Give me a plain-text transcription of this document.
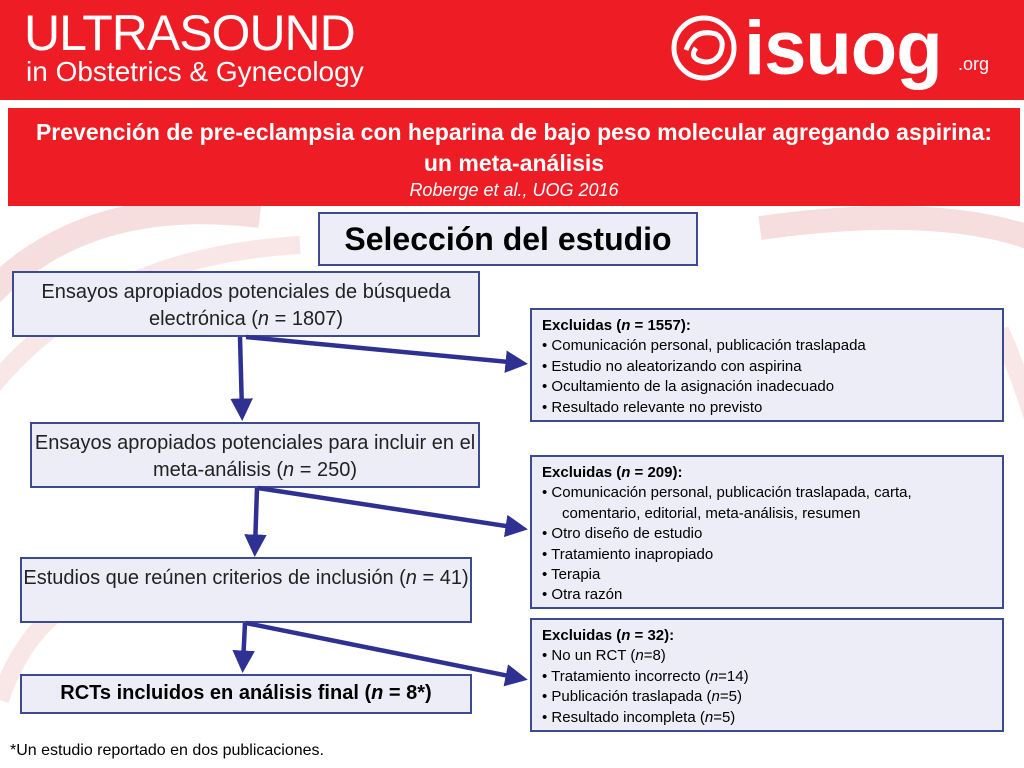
ULTRASOUND
in Obstetrics & Gynecology	isuog .org
Prevención de pre-eclampsia con heparina de bajo peso molecular agregando aspirina: un meta-análisis
Roberge et al., UOG 2016
Selección del estudio
Ensayos apropiados potenciales de búsqueda electrónica (n = 1807)
Ensayos apropiados potenciales para incluir en el meta-análisis (n = 250)
Estudios que reúnen criterios de inclusión (n = 41)
RCTs incluidos en análisis final (n = 8*)
Excluidas (n = 1557):
• Comunicación personal, publicación traslapada
• Estudio no aleatorizando con aspirina
• Ocultamiento de la asignación inadecuado
• Resultado relevante no previsto
Excluidas (n = 209):
• Comunicación personal, publicación traslapada, carta,
comentario, editorial, meta-análisis, resumen
• Otro diseño de estudio
• Tratamiento inapropiado
• Terapia
• Otra razón
Excluidas (n = 32):
• No un RCT (n=8)
• Tratamiento incorrecto (n=14)
• Publicación traslapada (n=5)
• Resultado incompleta (n=5)
*Un estudio reportado en dos publicaciones.
